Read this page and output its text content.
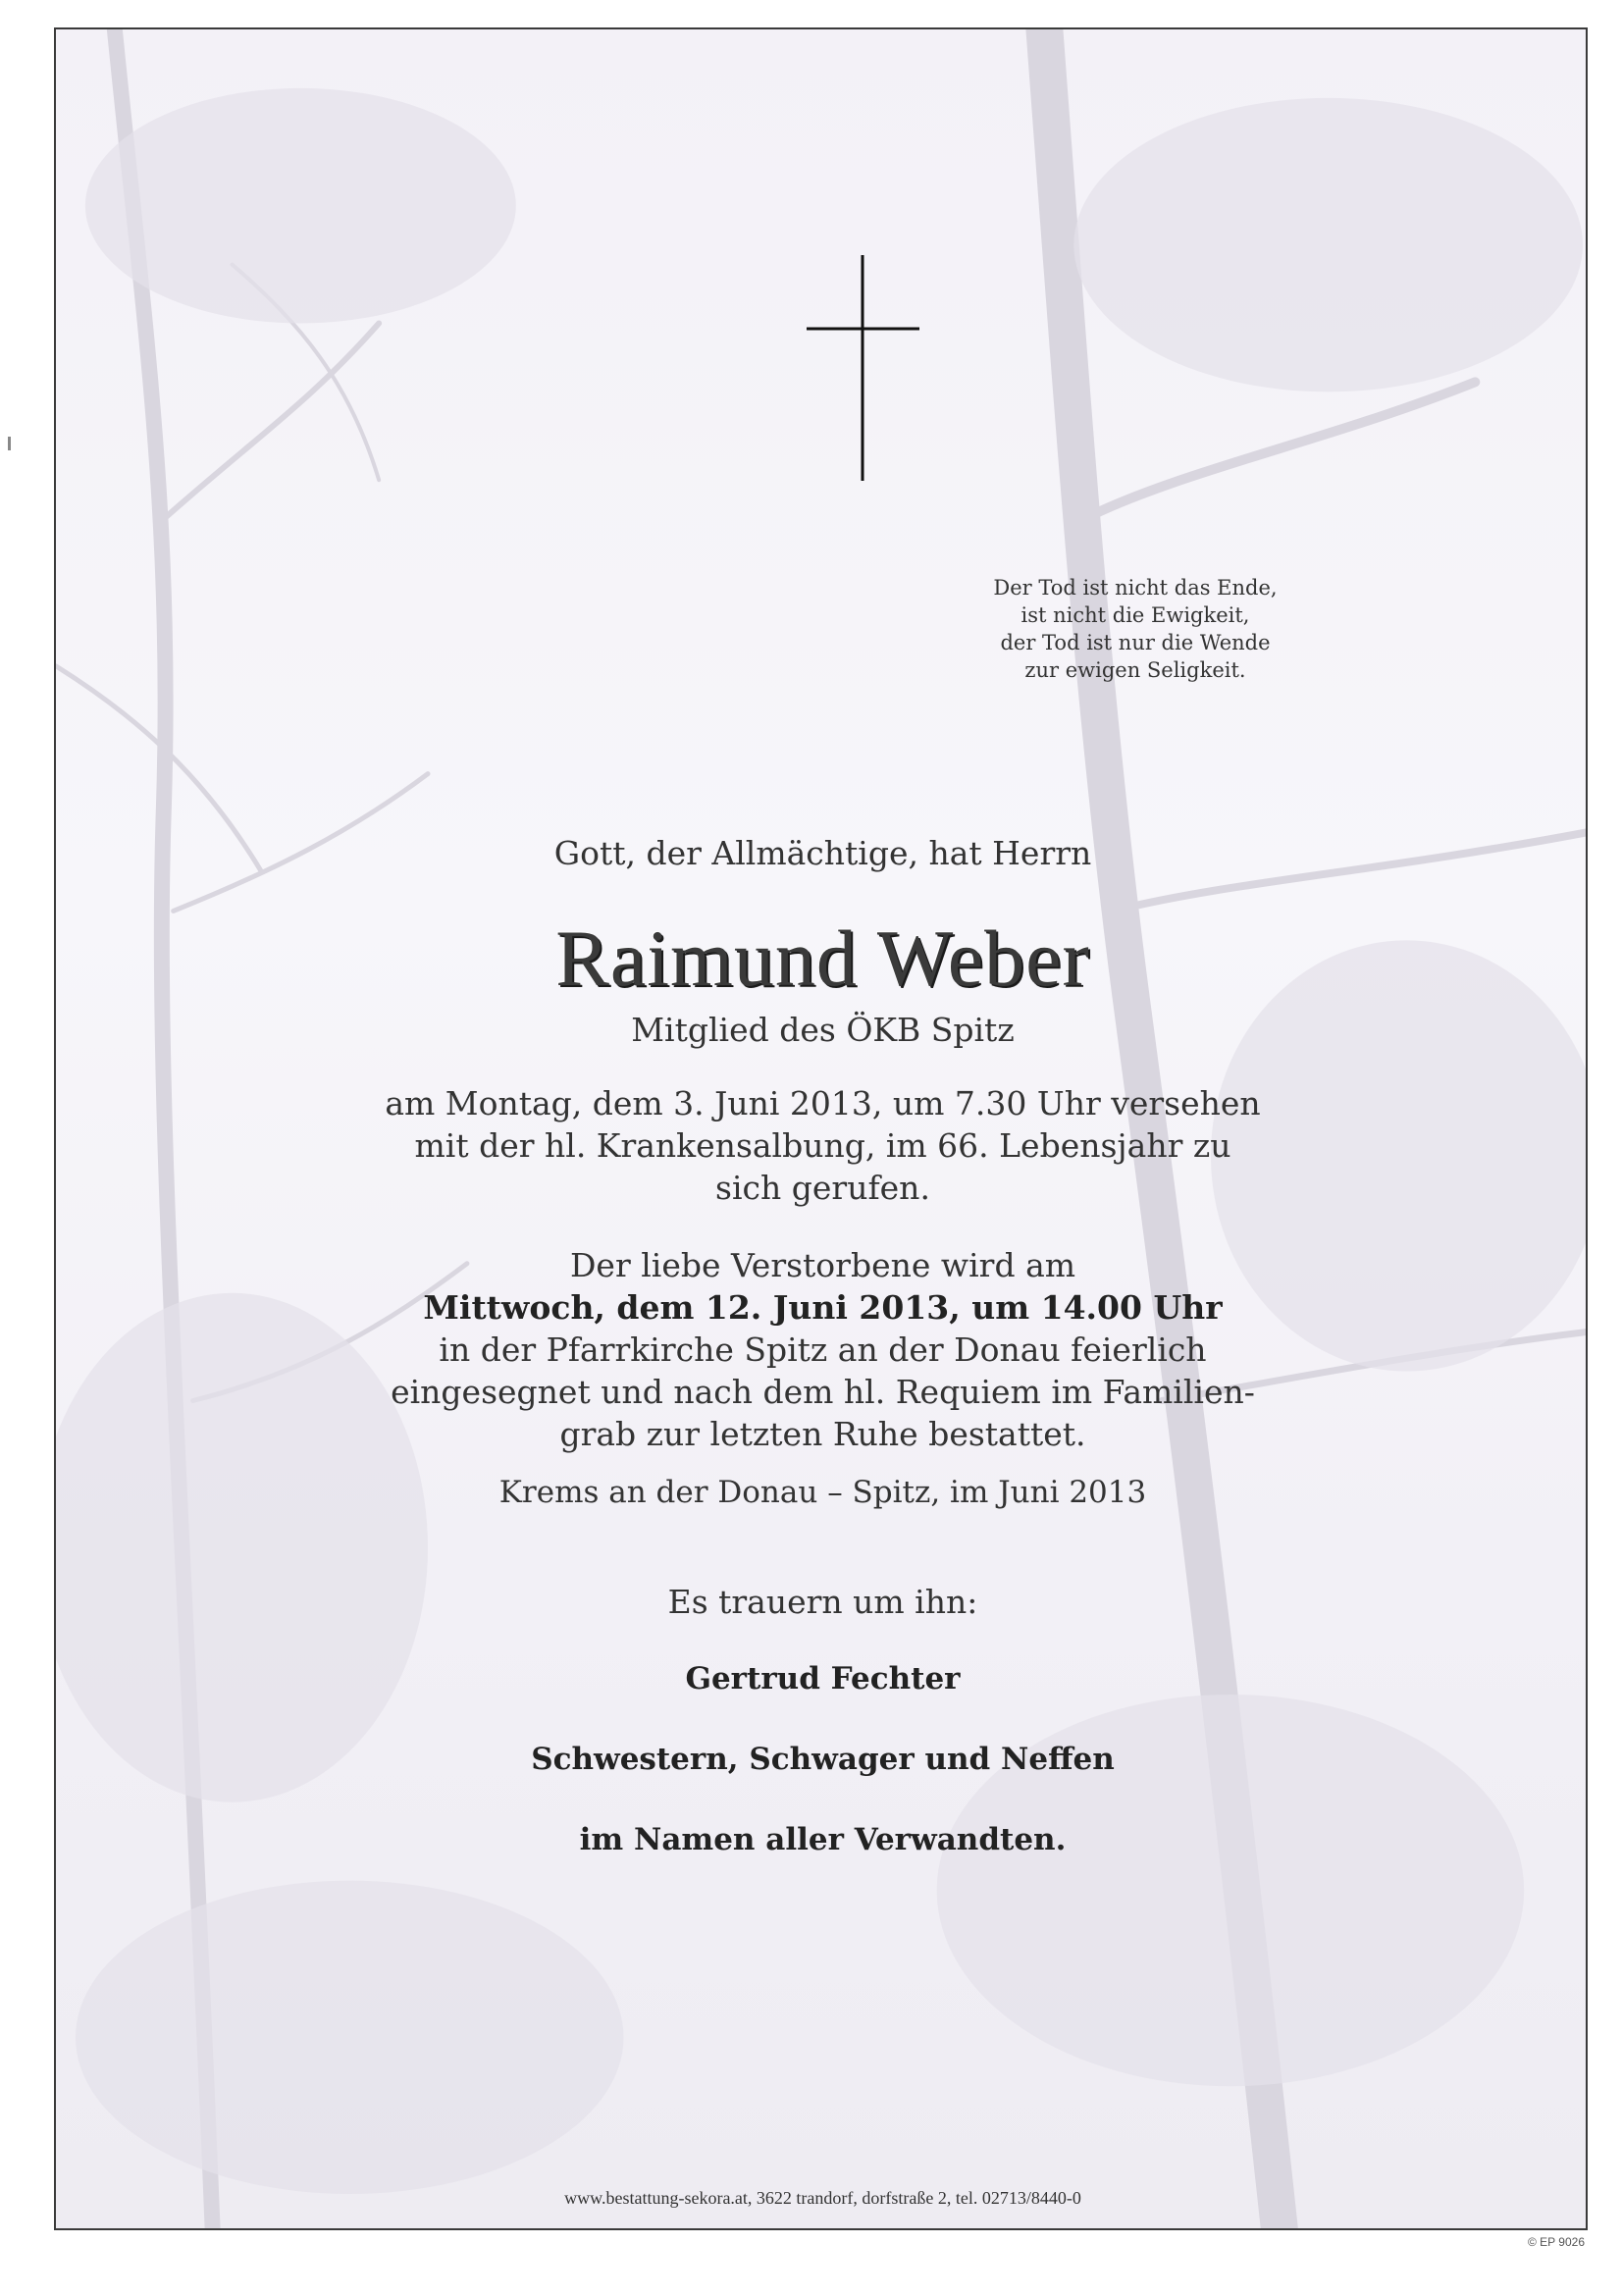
Der Tod ist nicht das Ende,
ist nicht die Ewigkeit,
der Tod ist nur die Wende
zur ewigen Seligkeit.
Gott, der Allmächtige, hat Herrn
Raimund Weber
Mitglied des ÖKB Spitz
am Montag, dem 3. Juni 2013, um 7.30 Uhr versehen
mit der hl. Krankensalbung, im 66. Lebensjahr zu
sich gerufen.
Der liebe Verstorbene wird am
Mittwoch, dem 12. Juni 2013, um 14.00 Uhr
in der Pfarrkirche Spitz an der Donau feierlich
eingesegnet und nach dem hl. Requiem im Familien-
grab zur letzten Ruhe bestattet.
Krems an der Donau – Spitz, im Juni 2013
Es trauern um ihn:
Gertrud Fechter
Schwestern, Schwager und Neffen
im Namen aller Verwandten.
www.bestattung-sekora.at, 3622 trandorf, dorfstraße 2, tel. 02713/8440-0
© EP 9026
